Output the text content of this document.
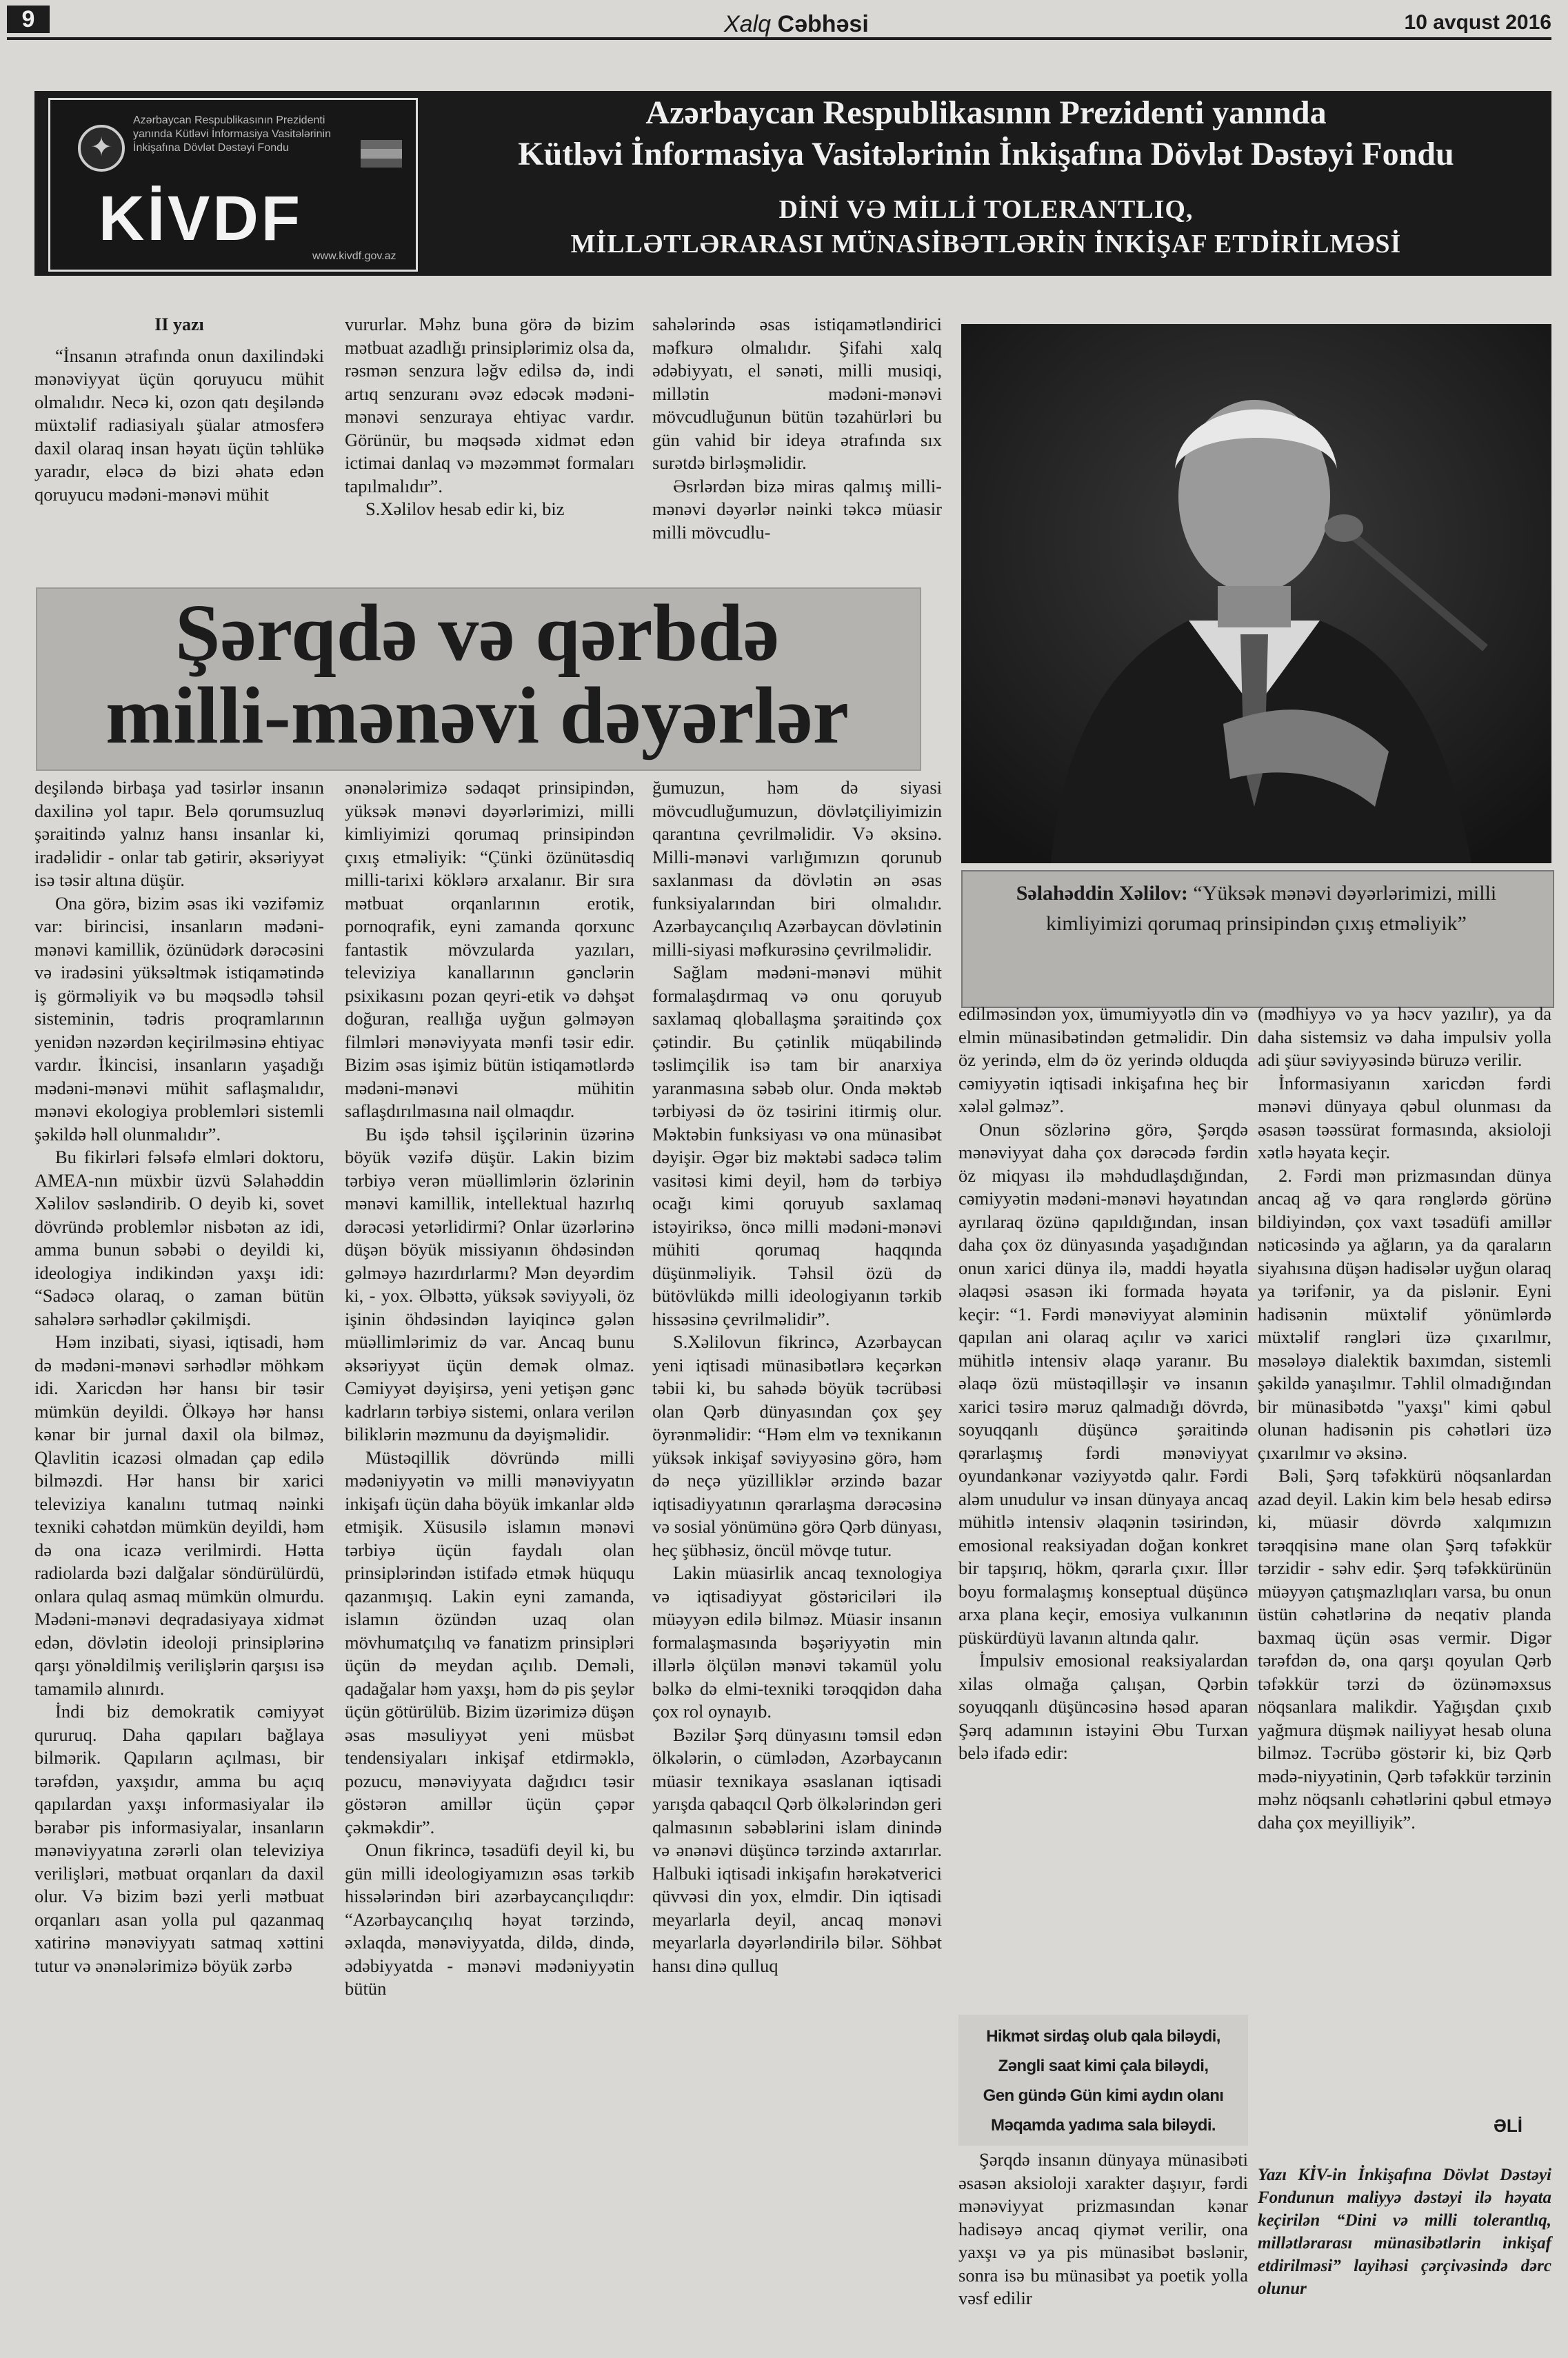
9	Xalq Cəbhəsi	10 avqust 2016
✦
Azərbaycan Respublikasının Prezidenti yanında Kütləvi İnformasiya Vasitələrinin İnkişafına Dövlət Dəstəyi Fondu
KİVDF
www.kivdf.gov.az
Azərbaycan Respublikasının Prezidenti yanında
Kütləvi İnformasiya Vasitələrinin İnkişafına Dövlət Dəstəyi Fondu
DİNİ VƏ MİLLİ TOLERANTLIQ,
MİLLƏTLƏRARASI MÜNASİBƏTLƏRİN İNKİŞAF ETDİRİLMƏSİ
II yazı

“İnsanın ətrafında onun daxilindəki mənəviyyat üçün qoruyucu mühit olmalıdır. Necə ki, ozon qatı deşiləndə müxtəlif radiasiyalı şüalar atmosferə daxil olaraq insan həyatı üçün təhlükə yaradır, eləcə də bizi əhatə edən qoruyucu mədəni-mənəvi mühit

vururlar. Məhz buna görə də bizim mətbuat azadlığı prinsiplərimiz olsa da, rəsmən senzura ləğv edilsə də, indi artıq senzuranı əvəz edəcək mədəni-mənəvi senzuraya ehtiyac vardır. Görünür, bu məqsədə xidmət edən ictimai danlaq və məzəmmət formaları tapılmalıdır”.

S.Xəlilov hesab edir ki, biz

sahələrində əsas istiqamətləndirici məfkurə olmalıdır. Şifahi xalq ədəbiyyatı, el sənəti, milli musiqi, millətin mədəni-mənəvi mövcudluğunun bütün təzahürləri bu gün vahid bir ideya ətrafında sıx surətdə birləşməlidir.

Əsrlərdən bizə miras qalmış milli-mənəvi dəyərlər nəinki təkcə müasir milli mövcudlu-

Şərqdə və qərbdə
milli-mənəvi dəyərlər
Səlahəddin Xəlilov: “Yüksək mənəvi dəyərlərimizi, milli kimliyimizi qorumaq prinsipindən çıxış etməliyik”

deşiləndə birbaşa yad təsirlər insanın daxilinə yol tapır. Belə qorumsuzluq şəraitində yalnız hansı insanlar ki, iradəlidir - onlar tab gətirir, əksəriyyət isə təsir altına düşür.

Ona görə, bizim əsas iki vəzifəmiz var: birincisi, insanların mədəni-mənəvi kamillik, özünüdərk dərəcəsini və iradəsini yüksəltmək istiqamətində iş görməliyik və bu məqsədlə təhsil sisteminin, tədris proqramlarının yenidən nəzərdən keçirilməsinə ehtiyac vardır. İkincisi, insanların yaşadığı mədəni-mənəvi mühit saflaşmalıdır, mənəvi ekologiya problemləri sistemli şəkildə həll olunmalıdır”.

Bu fikirləri fəlsəfə elmləri doktoru, AMEA-nın müxbir üzvü Səlahəddin Xəlilov səsləndirib. O deyib ki, sovet dövründə problemlər nisbətən az idi, amma bunun səbəbi o deyildi ki, ideologiya indikindən yaxşı idi: “Sadəcə olaraq, o zaman bütün sahələrə sərhədlər çəkilmişdi.

Həm inzibati, siyasi, iqtisadi, həm də mədəni-mənəvi sərhədlər möhkəm idi. Xaricdən hər hansı bir təsir mümkün deyildi. Ölkəyə hər hansı kənar bir jurnal daxil ola bilməz, Qlavlitin icazəsi olmadan çap edilə bilməzdi. Hər hansı bir xarici televiziya kanalını tutmaq nəinki texniki cəhətdən mümkün deyildi, həm də ona icazə verilmirdi. Hətta radiolarda bəzi dalğalar söndürülürdü, onlara qulaq asmaq mümkün olmurdu. Mədəni-mənəvi deqradasiyaya xidmət edən, dövlətin ideoloji prinsiplərinə qarşı yönəldilmiş verilişlərin qarşısı isə tamamilə alınırdı.

İndi biz demokratik cəmiyyət qururuq. Daha qapıları bağlaya bilmərik. Qapıların açılması, bir tərəfdən, yaxşıdır, amma bu açıq qapılardan yaxşı informasiyalar ilə bərabər pis informasiyalar, insanların mənəviyyatına zərərli olan televiziya verilişləri, mətbuat orqanları da daxil olur. Və bizim bəzi yerli mətbuat orqanları asan yolla pul qazanmaq xatirinə mənəviyyatı satmaq xəttini tutur və ənənələrimizə böyük zərbə

ənənələrimizə sədaqət prinsipindən, yüksək mənəvi dəyərlərimizi, milli kimliyimizi qorumaq prinsipindən çıxış etməliyik: “Çünki özünütəsdiq milli-tarixi köklərə arxalanır. Bir sıra mətbuat orqanlarının erotik, pornoqrafik, eyni zamanda qorxunc fantastik mövzularda yazıları, televiziya kanallarının gənclərin psixikasını pozan qeyri-etik və dəhşət doğuran, reallığa uyğun gəlməyən filmləri mənəviyyata mənfi təsir edir. Bizim əsas işimiz bütün istiqamətlərdə mədəni-mənəvi mühitin saflaşdırılmasına nail olmaqdır.

Bu işdə təhsil işçilərinin üzərinə böyük vəzifə düşür. Lakin bizim tərbiyə verən müəllimlərin özlərinin mənəvi kamillik, intellektual hazırlıq dərəcəsi yetərlidirmi? Onlar üzərlərinə düşən böyük missiyanın öhdəsindən gəlməyə hazırdırlarmı? Mən deyərdim ki, - yox. Əlbəttə, yüksək səviyyəli, öz işinin öhdəsindən layiqincə gələn müəllimlərimiz də var. Ancaq bunu əksəriyyət üçün demək olmaz. Cəmiyyət dəyişirsə, yeni yetişən gənc kadrların tərbiyə sistemi, onlara verilən biliklərin məzmunu da dəyişməlidir.

Müstəqillik dövründə milli mədəniyyətin və milli mənəviyyatın inkişafı üçün daha böyük imkanlar əldə etmişik. Xüsusilə islamın mənəvi tərbiyə üçün faydalı olan prinsiplərindən istifadə etmək hüququ qazanmışıq. Lakin eyni zamanda, islamın özündən uzaq olan mövhumatçılıq və fanatizm prinsipləri üçün də meydan açılıb. Deməli, qadağalar həm yaxşı, həm də pis şeylər üçün götürülüb. Bizim üzərimizə düşən əsas məsuliyyət yeni müsbət tendensiyaları inkişaf etdirməklə, pozucu, mənəviyyata dağıdıcı təsir göstərən amillər üçün çəpər çəkməkdir”.

Onun fikrincə, təsadüfi deyil ki, bu gün milli ideologiyamızın əsas tərkib hissələrindən biri azərbaycançılıqdır: “Azərbaycançılıq həyat tərzində, əxlaqda, mənəviyyatda, dildə, dində, ədəbiyyatda - mənəvi mədəniyyətin bütün

ğumuzun, həm də siyasi mövcudluğumuzun, dövlətçiliyimizin qarantına çevrilməlidir. Və əksinə. Milli-mənəvi varlığımızın qorunub saxlanması da dövlətin ən əsas funksiyalarından biri olmalıdır. Azərbaycançılıq Azərbaycan dövlətinin milli-siyasi məfkurəsinə çevrilməlidir.

Sağlam mədəni-mənəvi mühit formalaşdırmaq və onu qoruyub saxlamaq qloballaşma şəraitində çox çətindir. Bu çətinlik müqabilində təslimçilik isə tam bir anarxiya yaranmasına səbəb olur. Onda məktəb tərbiyəsi də öz təsirini itirmiş olur. Məktəbin funksiyası və ona münasibət dəyişir. Əgər biz məktəbi sadəcə təlim vasitəsi kimi deyil, həm də tərbiyə ocağı kimi qoruyub saxlamaq istəyiriksə, öncə milli mədəni-mənəvi mühiti qorumaq haqqında düşünməliyik. Təhsil özü də bütövlükdə milli ideologiyanın tərkib hissəsinə çevrilməlidir”.

S.Xəlilovun fikrincə, Azərbaycan yeni iqtisadi münasibətlərə keçərkən təbii ki, bu sahədə böyük təcrübəsi olan Qərb dünyasından çox şey öyrənməlidir: “Həm elm və texnikanın yüksək inkişaf səviyyəsinə görə, həm də neçə yüzilliklər ərzində bazar iqtisadiyyatının qərarlaşma dərəcəsinə və sosial yönümünə görə Qərb dünyası, heç şübhəsiz, öncül mövqe tutur.

Lakin müasirlik ancaq texnologiya və iqtisadiyyat göstəriciləri ilə müəyyən edilə bilməz. Müasir insanın formalaşmasında bəşəriyyətin min illərlə ölçülən mənəvi təkamül yolu bəlkə də elmi-texniki tərəqqidən daha çox rol oynayıb.

Bəzilər Şərq dünyasını təmsil edən ölkələrin, o cümlədən, Azərbaycanın müasir texnikaya əsaslanan iqtisadi yarışda qabaqcıl Qərb ölkələrindən geri qalmasının səbəblərini islam dinində və ənənəvi düşüncə tərzində axtarırlar. Halbuki iqtisadi inkişafın hərəkətverici qüvvəsi din yox, elmdir. Din iqtisadi meyarlarla deyil, ancaq mənəvi meyarlarla dəyərləndirilə bilər. Söhbət hansı dinə qulluq

edilməsindən yox, ümumiyyətlə din və elmin münasibətindən getməlidir. Din öz yerində, elm də öz yerində olduqda cəmiyyətin iqtisadi inkişafına heç bir xələl gəlməz”.

Onun sözlərinə görə, Şərqdə mənəviyyat daha çox dərəcədə fərdin öz miqyası ilə məhdudlaşdığından, cəmiyyətin mədəni-mənəvi həyatından ayrılaraq özünə qapıldığından, insan daha çox öz dünyasında yaşadığından onun xarici dünya ilə, maddi həyatla əlaqəsi əsasən iki formada həyata keçir: “1. Fərdi mənəviyyat aləminin qapılan ani olaraq açılır və xarici mühitlə intensiv əlaqə yaranır. Bu əlaqə özü müstəqilləşir və insanın xarici təsirə məruz qalmadığı dövrdə, soyuqqanlı düşüncə şəraitində qərarlaşmış fərdi mənəviyyat oyundankənar vəziyyətdə qalır. Fərdi aləm unudulur və insan dünyaya ancaq mühitlə intensiv əlaqənin təsirindən, emosional reaksiyadan doğan konkret bir tapşırıq, hökm, qərarla çıxır. İllər boyu formalaşmış konseptual düşüncə arxa plana keçir, emosiya vulkanının püskürdüyü lavanın altında qalır.

İmpulsiv emosional reaksiyalardan xilas olmağa çalışan, Qərbin soyuqqanlı düşüncəsinə həsəd aparan Şərq adamının istəyini Əbu Turxan belə ifadə edir:

Hikmət sirdaş olub qala biləydi,
Zəngli saat kimi çala biləydi,
Gen gündə Gün kimi aydın olanı
Məqamda yadıma sala biləydi.

Şərqdə insanın dünyaya münasibəti əsasən aksioloji xarakter daşıyır, fərdi mənəviyyat prizmasından kənar hadisəyə ancaq qiymət verilir, ona yaxşı və ya pis münasibət bəslənir, sonra isə bu münasibət ya poetik yolla vəsf edilir

(mədhiyyə və ya həcv yazılır), ya da daha sistemsiz və daha impulsiv yolla adi şüur səviyyəsində büruzə verilir.

İnformasiyanın xaricdən fərdi mənəvi dünyaya qəbul olunması da əsasən təəssürat formasında, aksioloji xətlə həyata keçir.

2. Fərdi mən prizmasından dünya ancaq ağ və qara rənglərdə görünə bildiyindən, çox vaxt təsadüfi amillər nəticəsində ya ağların, ya da qaraların siyahısına düşən hadisələr uyğun olaraq ya tərifənir, ya da pislənir. Eyni hadisənin müxtəlif yönümlərdə müxtəlif rəngləri üzə çıxarılmır, məsələyə dialektik baxımdan, sistemli şəkildə yanaşılmır. Təhlil olmadığından bir münasibətdə "yaxşı" kimi qəbul olunan hadisənin pis cəhətləri üzə çıxarılmır və əksinə.

Bəli, Şərq təfəkkürü nöqsanlardan azad deyil. Lakin kim belə hesab edirsə ki, müasir dövrdə xalqımızın tərəqqisinə mane olan Şərq təfəkkür tərzidir - səhv edir. Şərq təfəkkürünün müəyyən çatışmazlıqları varsa, bu onun üstün cəhətlərinə də neqativ planda baxmaq üçün əsas vermir. Digər tərəfdən də, ona qarşı qoyulan Qərb təfəkkür tərzi də özünəməxsus nöqsanlara malikdir. Yağışdan çıxıb yağmura düşmək nailiyyət hesab oluna bilməz. Təcrübə göstərir ki, biz Qərb mədə-niyyətinin, Qərb təfəkkür tərzinin məhz nöqsanlı cəhətlərini qəbul etməyə daha çox meyilliyik”.

ƏLİ
Yazı KİV-in İnkişafına Dövlət Dəstəyi Fondunun maliyyə dəstəyi ilə həyata keçirilən “Dini və milli tolerantlıq, millətlərarası münasibətlərin inkişaf etdirilməsi” layihəsi çərçivəsində dərc olunur
